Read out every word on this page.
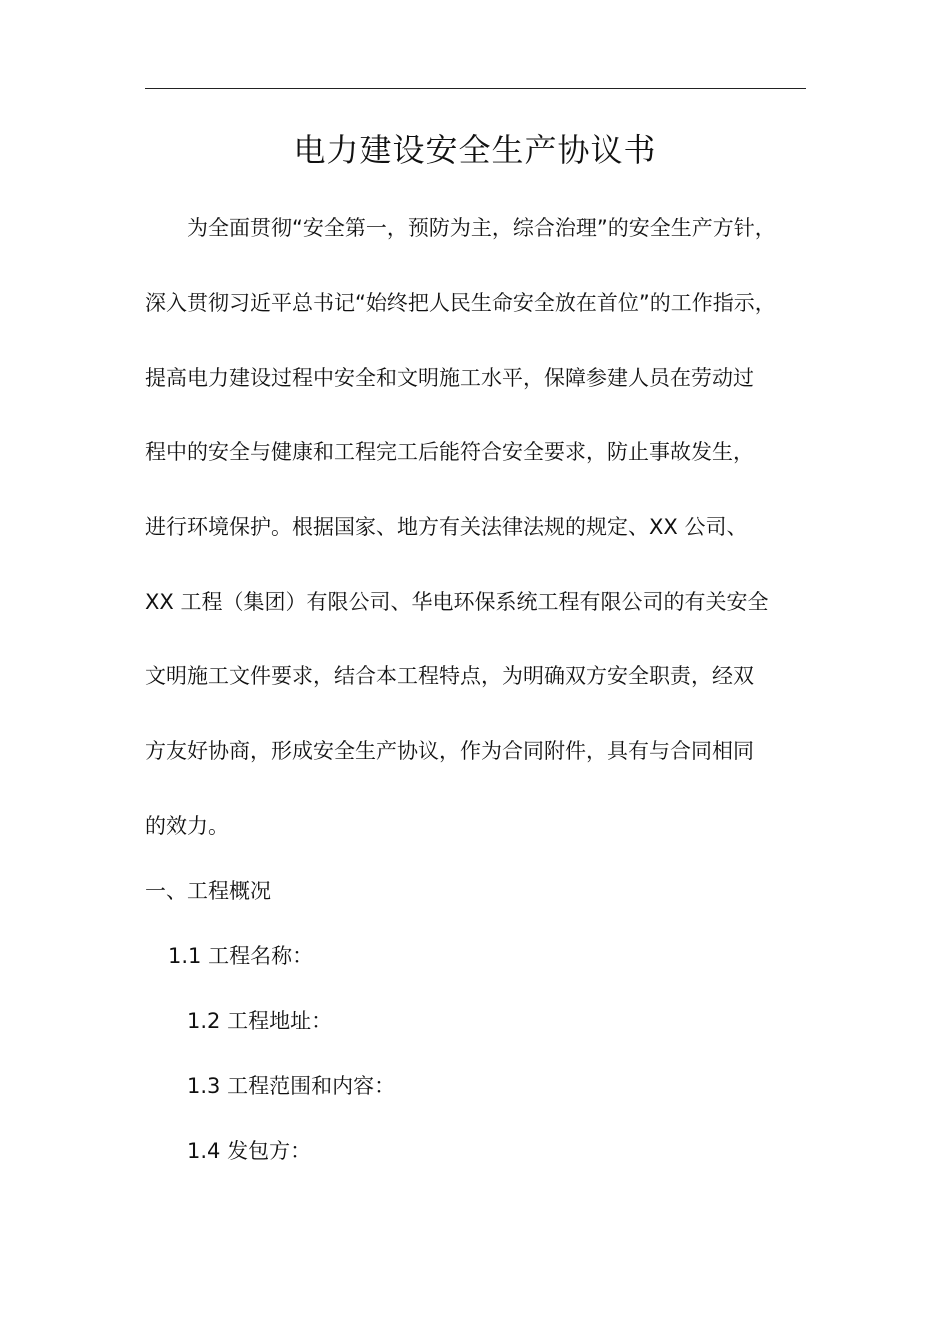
电力建设安全生产协议书
为全面贯彻“安全第一，预防为主，综合治理”的安全生产方针，
深入贯彻习近平总书记“始终把人民生命安全放在首位”的工作指示，
提高电力建设过程中安全和文明施工水平，保障参建人员在劳动过
程中的安全与健康和工程完工后能符合安全要求，防止事故发生，
进行环境保护。根据国家、地方有关法律法规的规定、XX 公司、
XX 工程（集团）有限公司、华电环保系统工程有限公司的有关安全
文明施工文件要求，结合本工程特点，为明确双方安全职责，经双
方友好协商，形成安全生产协议，作为合同附件，具有与合同相同
的效力。
一、工程概况
1.1 工程名称：
1.2 工程地址：
1.3 工程范围和内容：
1.4 发包方：
